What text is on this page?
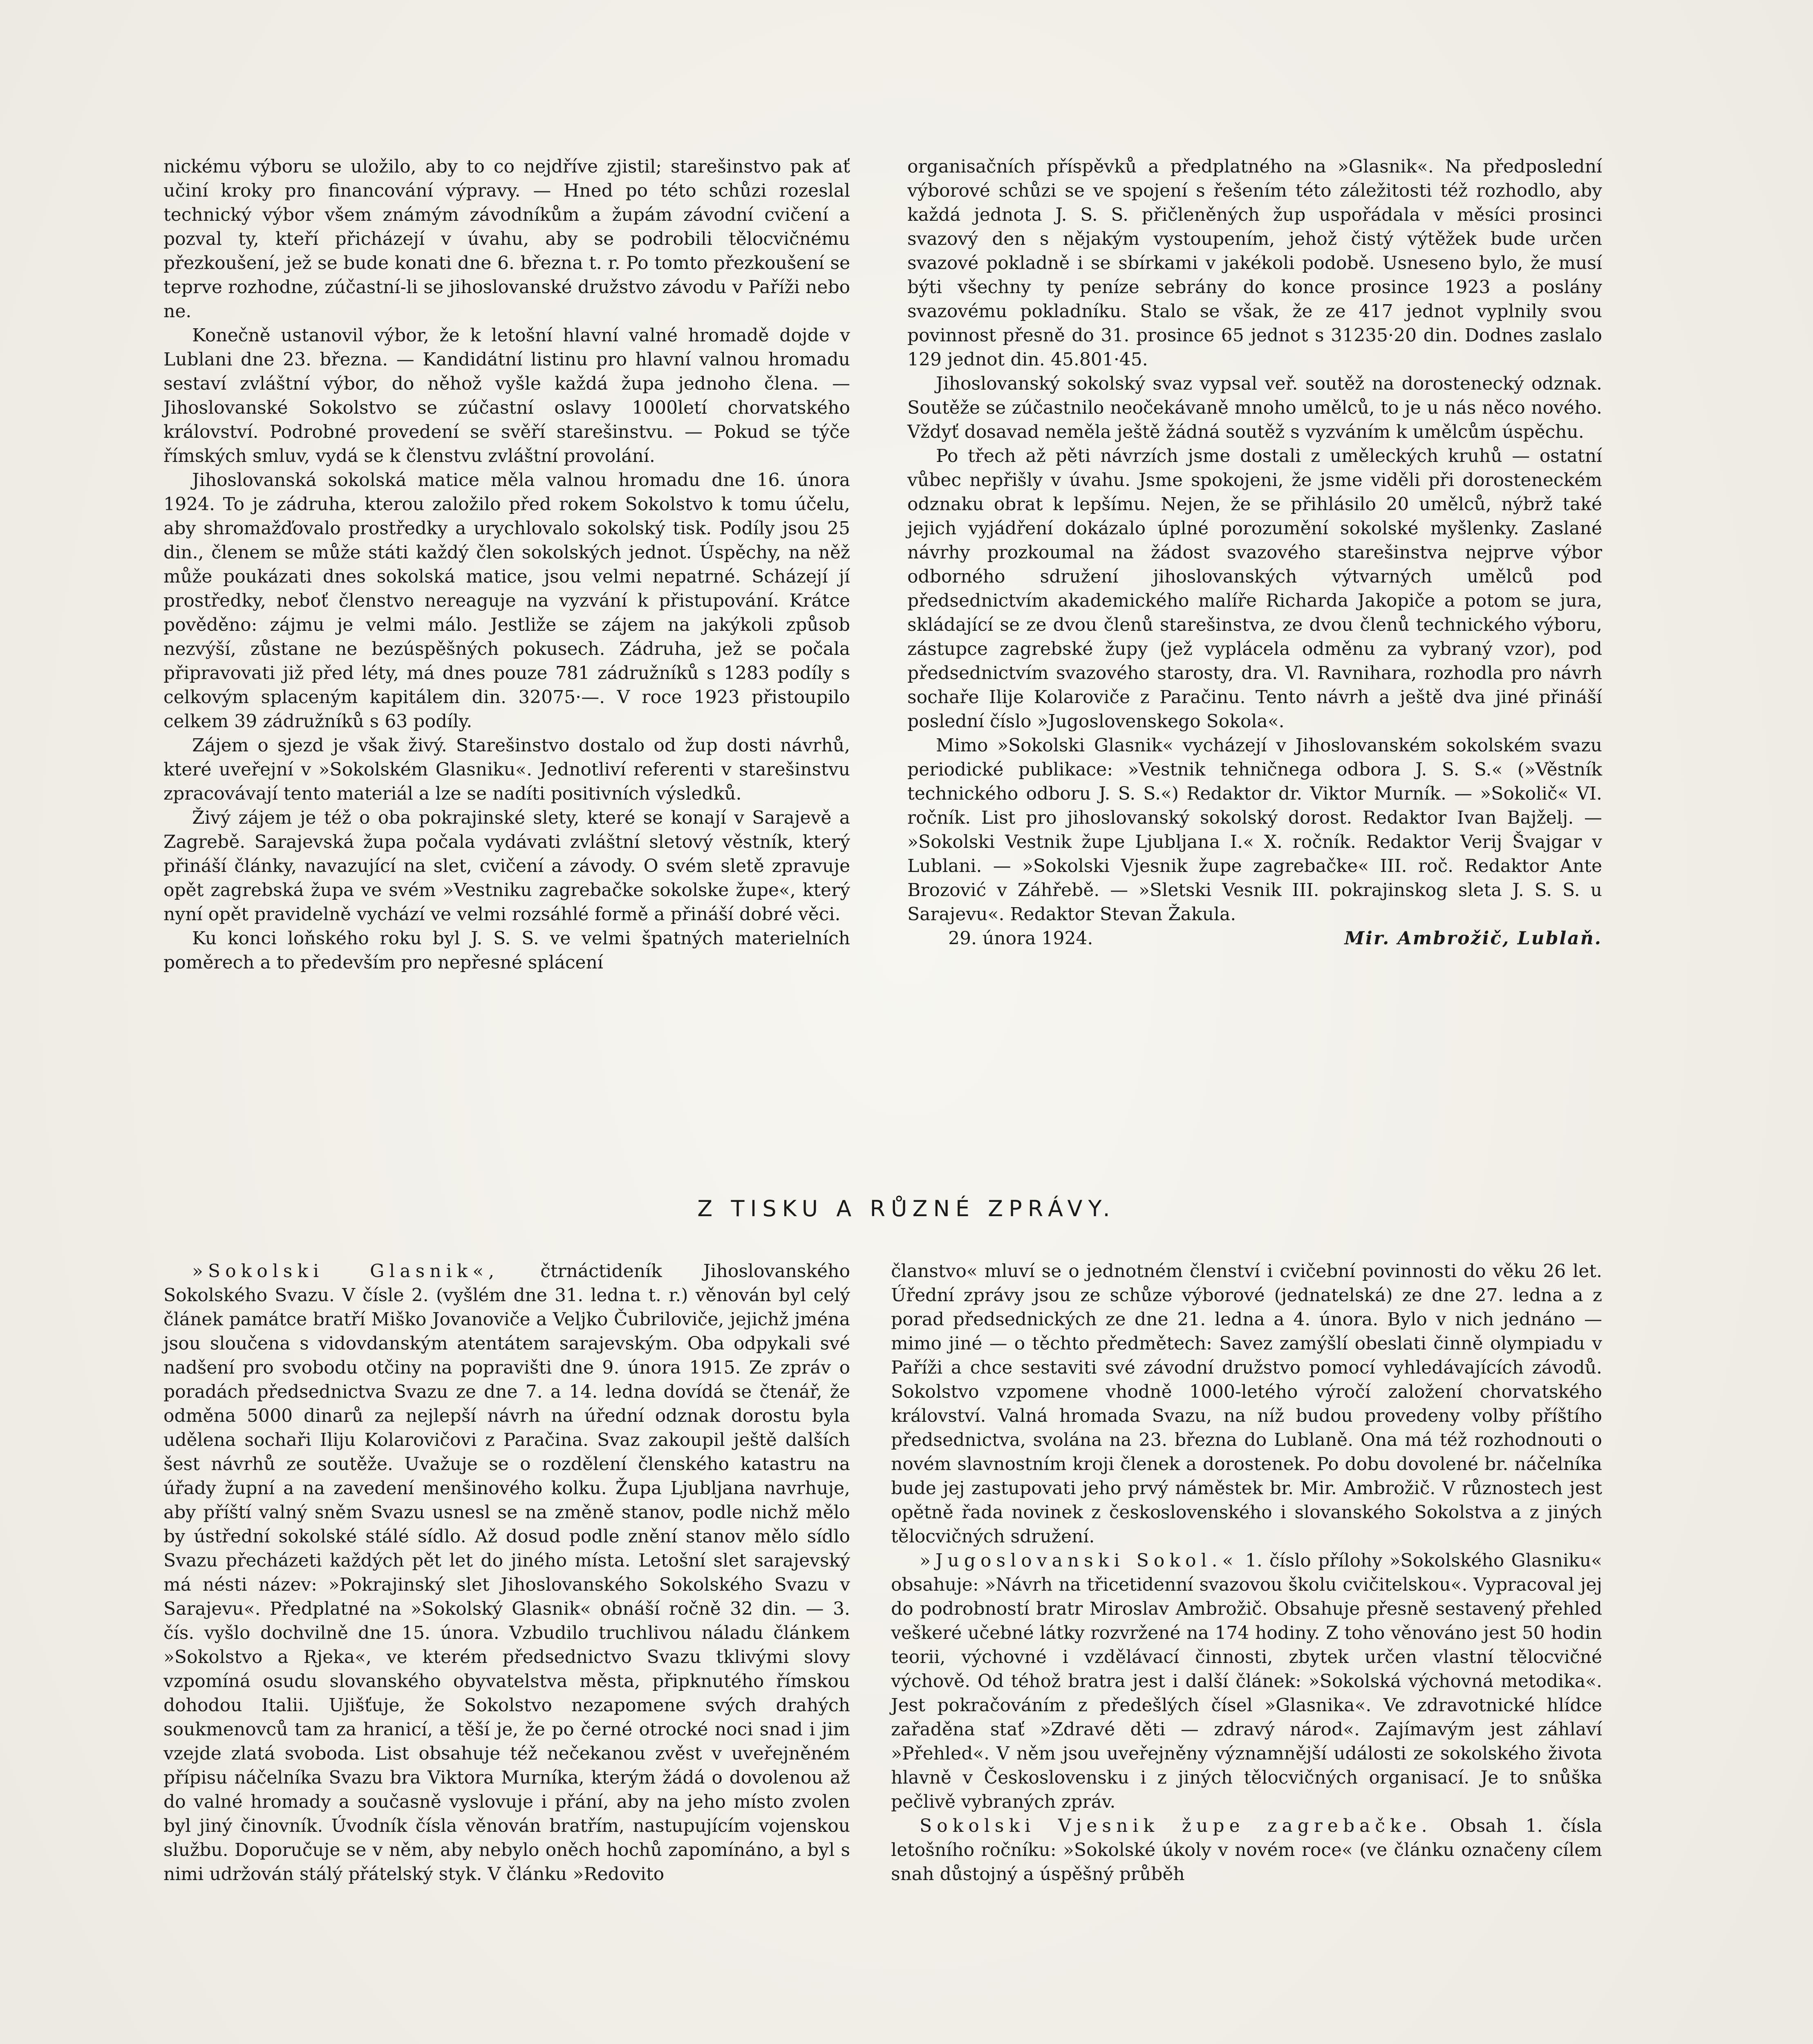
nickému výboru se uložilo, aby to co nejdříve zjistil; starešinstvo pak ať učiní kroky pro financování výpravy. — Hned po této schůzi rozeslal technický výbor všem známým závodníkům a župám závodní cvičení a pozval ty, kteří přicházejí v úvahu, aby se podrobili tělocvičnému přezkoušení, jež se bude konati dne 6. března t. r. Po tomto přezkoušení se teprve rozhodne, zúčastní-li se jihoslovanské družstvo závodu v Paříži nebo ne.

Konečně ustanovil výbor, že k letošní hlavní valné hromadě dojde v Lublani dne 23. března. — Kandidátní listinu pro hlavní valnou hromadu sestaví zvláštní výbor, do něhož vyšle každá župa jednoho člena. — Jihoslovanské Sokolstvo se zúčastní oslavy 1000letí chorvatského království. Podrobné provedení se svěří starešinstvu. — Pokud se týče římských smluv, vydá se k členstvu zvláštní provolání.

Jihoslovanská sokolská matice měla valnou hromadu dne 16. února 1924. To je zádruha, kterou založilo před rokem Sokolstvo k tomu účelu, aby shromažďovalo prostředky a urychlovalo sokolský tisk. Podíly jsou 25 din., členem se může státi každý člen sokolských jednot. Úspěchy, na něž může poukázati dnes sokolská matice, jsou velmi nepatrné. Scházejí jí prostředky, neboť členstvo nereaguje na vyzvání k přistupování. Krátce pověděno: zájmu je velmi málo. Jestliže se zájem na jakýkoli způsob nezvýší, zůstane ne bezúspěšných pokusech. Zádruha, jež se počala připravovati již před léty, má dnes pouze 781 zádružníků s 1283 podíly s celkovým splaceným kapitálem din. 32075·—. V roce 1923 přistoupilo celkem 39 zádružníků s 63 podíly.

Zájem o sjezd je však živý. Starešinstvo dostalo od žup dosti návrhů, které uveřejní v »Sokolském Glasniku«. Jednotliví referenti v starešinstvu zpracovávají tento materiál a lze se nadíti positivních výsledků.

Živý zájem je též o oba pokrajinské slety, které se konají v Sarajevě a Zagrebě. Sarajevská župa počala vydávati zvláštní sletový věstník, který přináší články, navazující na slet, cvičení a závody. O svém sletě zpravuje opět zagrebská župa ve svém »Vestniku zagrebačke sokolske župe«, který nyní opět pravidelně vychází ve velmi rozsáhlé formě a přináší dobré věci.

Ku konci loňského roku byl J. S. S. ve velmi špatných materielních poměrech a to především pro nepřesné splácení

organisačních příspěvků a předplatného na »Glasnik«. Na předposlední výborové schůzi se ve spojení s řešením této záležitosti též rozhodlo, aby každá jednota J. S. S. přičleněných žup uspořádala v měsíci prosinci svazový den s nějakým vystoupením, jehož čistý výtěžek bude určen svazové pokladně i se sbírkami v jakékoli podobě. Usneseno bylo, že musí býti všechny ty peníze sebrány do konce prosince 1923 a poslány svazovému pokladníku. Stalo se však, že ze 417 jednot vyplnily svou povinnost přesně do 31. prosince 65 jednot s 31235·20 din. Dodnes zaslalo 129 jednot din. 45.801·45.

Jihoslovanský sokolský svaz vypsal veř. soutěž na dorostenecký odznak. Soutěže se zúčastnilo neočekávaně mnoho umělců, to je u nás něco nového. Vždyť dosavad neměla ještě žádná soutěž s vyzváním k umělcům úspěchu.

Po třech až pěti návrzích jsme dostali z uměleckých kruhů — ostatní vůbec nepřišly v úvahu. Jsme spokojeni, že jsme viděli při dorosteneckém odznaku obrat k lepšímu. Nejen, že se přihlásilo 20 umělců, nýbrž také jejich vyjádření dokázalo úplné porozumění sokolské myšlenky. Zaslané návrhy prozkoumal na žádost svazového starešinstva nejprve výbor odborného sdružení jihoslovanských výtvarných umělců pod předsednictvím akademického malíře Richarda Jakopiče a potom se jura, skládající se ze dvou členů starešinstva, ze dvou členů technického výboru, zástupce zagrebské župy (jež vyplácela odměnu za vybraný vzor), pod předsednictvím svazového starosty, dra. Vl. Ravnihara, rozhodla pro návrh sochaře Ilije Kolaroviče z Paračinu. Tento návrh a ještě dva jiné přináší poslední číslo »Jugoslovenskego Sokola«.

Mimo »Sokolski Glasnik« vycházejí v Jihoslovanském sokolském svazu periodické publikace: »Vestnik tehničnega odbora J. S. S.« (»Věstník technického odboru J. S. S.«) Redaktor dr. Viktor Murník. — »Sokolič« VI. ročník. List pro jihoslovanský sokolský dorost. Redaktor Ivan Bajželj. — »Sokolski Vestnik župe Ljubljana I.« X. ročník. Redaktor Verij Švajgar v Lublani. — »Sokolski Vjesnik župe zagrebačke« III. roč. Redaktor Ante Brozović v Záhřebě. — »Sletski Vesnik III. pokrajinskog sleta J. S. S. u Sarajevu«. Redaktor Stevan Žakula.

29. února 1924.	Mir. Ambrožič, Lublaň.
Z TISKU A RŮZNÉ ZPRÁVY.

»Sokolski Glasnik«, čtrnáctideník Jihoslovanského Sokolského Svazu. V čísle 2. (vyšlém dne 31. ledna t. r.) věnován byl celý článek památce bratří Miško Jovanoviče a Veljko Čubriloviče, jejichž jména jsou sloučena s vidovdanským atentátem sarajevským. Oba odpykali své nadšení pro svobodu otčiny na popravišti dne 9. února 1915. Ze zpráv o poradách předsednictva Svazu ze dne 7. a 14. ledna dovídá se čtenář, že odměna 5000 dinarů za nejlepší návrh na úřední odznak dorostu byla udělena sochaři Iliju Kolarovičovi z Paračina. Svaz zakoupil ještě dalších šest návrhů ze soutěže. Uvažuje se o rozdělení členského katastru na úřady župní a na zavedení menšinového kolku. Župa Ljubljana navrhuje, aby příští valný sněm Svazu usnesl se na změně stanov, podle nichž mělo by ústřední sokolské stálé sídlo. Až dosud podle znění stanov mělo sídlo Svazu přecházeti každých pět let do jiného místa. Letošní slet sarajevský má nésti název: »Pokrajinský slet Jihoslovanského Sokolského Svazu v Sarajevu«. Předplatné na »Sokolský Glasnik« obnáší ročně 32 din. — 3. čís. vyšlo dochvilně dne 15. února. Vzbudilo truchlivou náladu článkem »Sokolstvo a Rjeka«, ve kterém předsednictvo Svazu tklivými slovy vzpomíná osudu slovanského obyvatelstva města, připknutého římskou dohodou Italii. Ujišťuje, že Sokolstvo nezapomene svých drahých soukmenovců tam za hranicí, a těší je, že po černé otrocké noci snad i jim vzejde zlatá svoboda. List obsahuje též nečekanou zvěst v uveřejněném přípisu náčelníka Svazu bra Viktora Murníka, kterým žádá o dovolenou až do valné hromady a současně vyslovuje i přání, aby na jeho místo zvolen byl jiný činovník. Úvodník čísla věnován bratřím, nastupujícím vojenskou službu. Doporučuje se v něm, aby nebylo oněch hochů zapomínáno, a byl s nimi udržován stálý přátelský styk. V článku »Redovito

članstvo« mluví se o jednotném členství i cvičební povinnosti do věku 26 let. Úřední zprávy jsou ze schůze výborové (jednatelská) ze dne 27. ledna a z porad předsednických ze dne 21. ledna a 4. února. Bylo v nich jednáno — mimo jiné — o těchto předmětech: Savez zamýšlí obeslati činně olympiadu v Paříži a chce sestaviti své závodní družstvo pomocí vyhledávajících závodů. Sokolstvo vzpomene vhodně 1000-letého výročí založení chorvatského království. Valná hromada Svazu, na níž budou provedeny volby příštího předsednictva, svolána na 23. března do Lublaně. Ona má též rozhodnouti o novém slavnostním kroji členek a dorostenek. Po dobu dovolené br. náčelníka bude jej zastupovati jeho prvý náměstek br. Mir. Ambrožič. V různostech jest opětně řada novinek z československého i slovanského Sokolstva a z jiných tělocvičných sdružení.

»Jugoslovanski Sokol.« 1. číslo přílohy »Sokolského Glasniku« obsahuje: »Návrh na třicetidenní svazovou školu cvičitelskou«. Vypracoval jej do podrobností bratr Miroslav Ambrožič. Obsahuje přesně sestavený přehled veškeré učebné látky rozvržené na 174 hodiny. Z toho věnováno jest 50 hodin teorii, výchovné i vzdělávací činnosti, zbytek určen vlastní tělocvičné výchově. Od téhož bratra jest i další článek: »Sokolská výchovná metodika«. Jest pokračováním z předešlých čísel »Glasnika«. Ve zdravotnické hlídce zařaděna stať »Zdravé děti — zdravý národ«. Zajímavým jest záhlaví »Přehled«. V něm jsou uveřejněny významnější události ze sokolského života hlavně v Československu i z jiných tělocvičných organisací. Je to snůška pečlivě vybraných zpráv.

Sokolski Vjesnik župe zagrebačke. Obsah 1. čísla letošního ročníku: »Sokolské úkoly v novém roce« (ve článku označeny cílem snah důstojný a úspěšný průběh
